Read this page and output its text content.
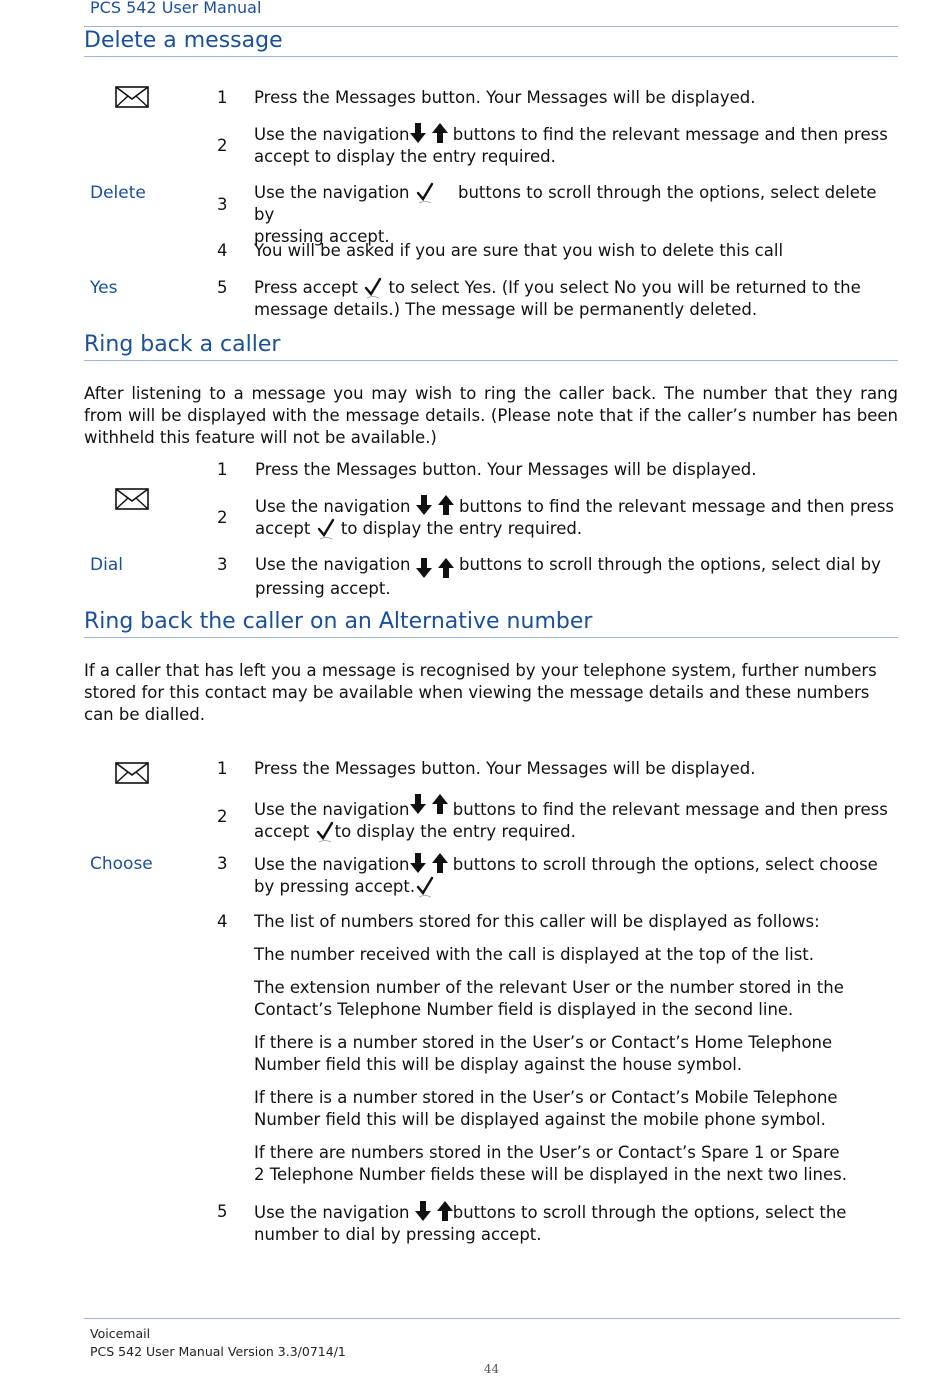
PCS 542 User Manual
Delete a message
1 Press the Messages button. Your Messages will be displayed.
2
Use the navigation buttons to find the relevant message and then press
accept to display the entry required.
Delete
3
Use the navigation  buttons to scroll through the options, select delete by
pressing accept.
4 You will be asked if you are sure that you wish to delete this call
Yes	5 Press accept  to select Yes. (If you select No you will be returned to the
message details.) The message will be permanently deleted.
Ring back a caller
After listening to a message you may wish to ring the caller back. The number that they rang from will be displayed with the message details. (Please note that if the caller’s number has been withheld this feature will not be available.)
1 Press the Messages button. Your Messages will be displayed.
2
Use the navigation  buttons to find the relevant message and then press
accept  to display the entry required.
Dial	3 Use the navigation  buttons to scroll through the options, select dial by
pressing accept.
Ring back the caller on an Alternative number
If a caller that has left you a message is recognised by your telephone system, further numbers stored for this contact may be available when viewing the message details and these numbers can be dialled.
1 Press the Messages button. Your Messages will be displayed.
2 Use the navigation buttons to find the relevant message and then press
accept to display the entry required.
Choose	3 Use the navigation buttons to scroll through the options, select choose
by pressing accept.
4 The list of numbers stored for this caller will be displayed as follows:
The number received with the call is displayed at the top of the list.
The extension number of the relevant User or the number stored in the Contact’s Telephone Number field is displayed in the second line.
If there is a number stored in the User’s or Contact’s Home Telephone Number field this will be display against the house symbol.
If there is a number stored in the User’s or Contact’s Mobile Telephone Number field this will be displayed against the mobile phone symbol.
If there are numbers stored in the User’s or Contact’s Spare 1 or Spare 2 Telephone Number fields these will be displayed in the next two lines.
5 Use the navigation buttons to scroll through the options, select the
number to dial by pressing accept.
Voicemail
PCS 542 User Manual Version 3.3/0714/1
44
